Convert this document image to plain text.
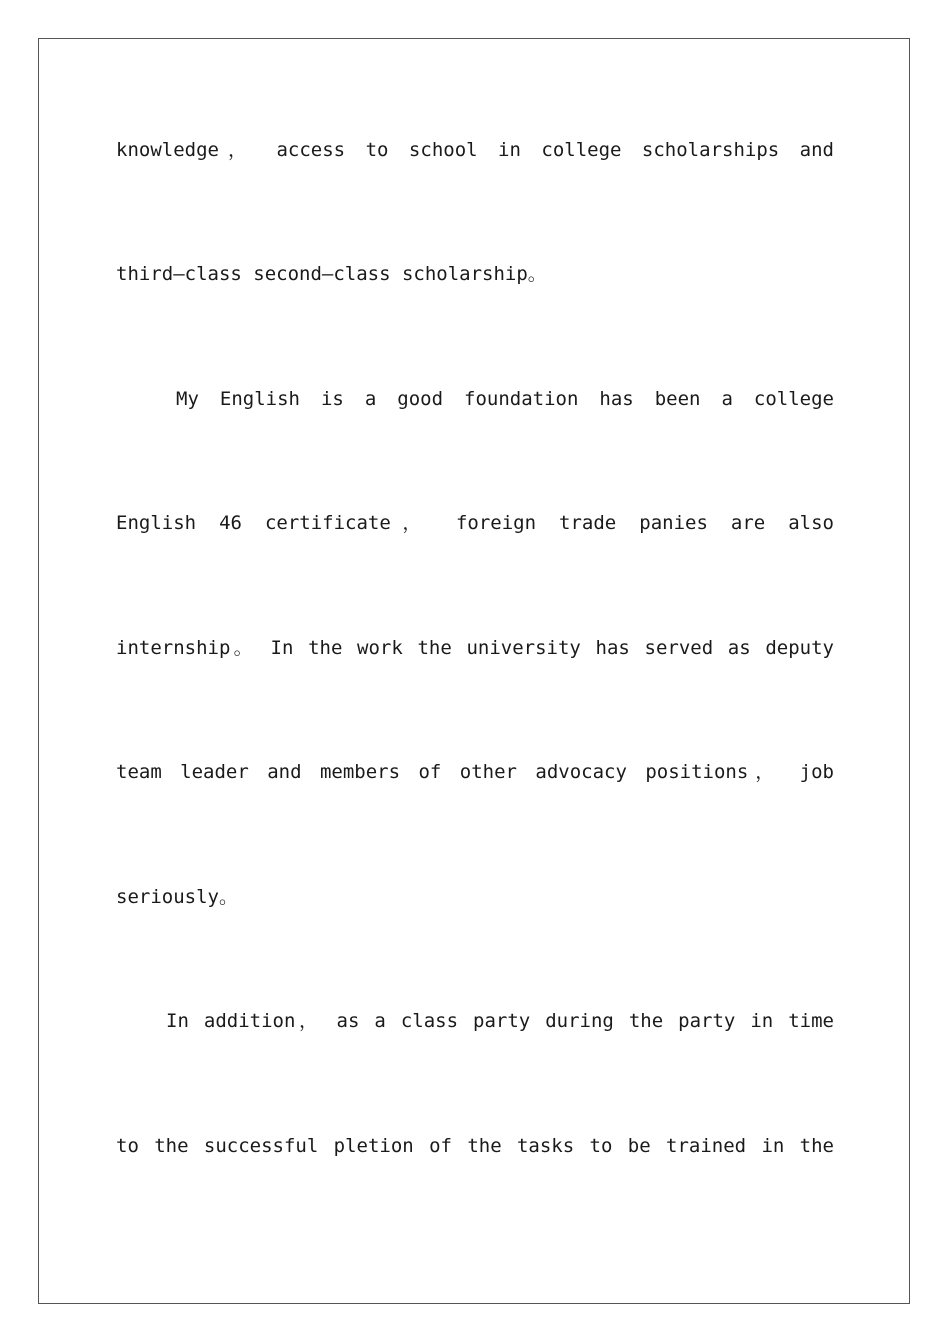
knowledge， access to school in college scholarships and
third—class second—class scholarship。
My English is a good foundation has been a college
English 46 certificate， foreign trade panies are also
internship。 In the work the university has served as deputy
team leader and members of other advocacy positions， job
seriously。
In addition， as a class party during the party in time
to the successful pletion of the tasks to be trained in the
